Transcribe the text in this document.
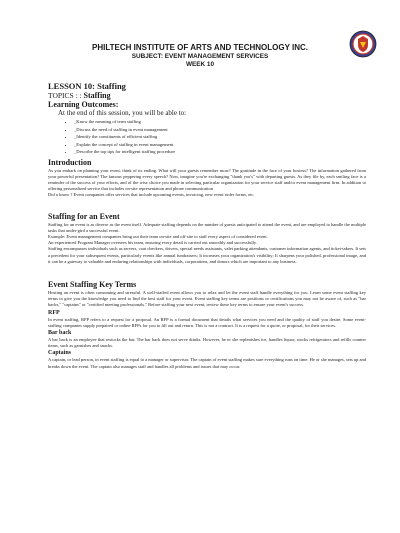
PHILTECH INSTITUTE OF ARTS AND TECHNOLOGY INC.
SUBJECT: EVENT MANAGEMENT SERVICES
WEEK 10
LESSON 10: Staffing
TOPICS : : Staffing
Learning Outcomes:
At the end of this session, you will be able to:
• _Know the meaning of term staffing
• _Discuss the need of staffing in event management
• _Identify the constituents of efficient staffing
• _Explain the concept of staffing in event management
• _Describe the top tips for intelligent staffing procedure
Introduction

As you embark on planning your event, think of its ending. What will your guests remember most? The gratitude in the face of your hostess? The information gathered from your powerful presentation? The famous peppering every speech? Now, imagine you're exchanging "thank you's" with departing guests. As they file by, each smiling face is a reminder of the success of your efforts, and of the wise choice you made in selecting particular organization for your service staff and/or event management firm. In addition to offering personalized service that includes on-site representation and phone communication

Did u know ? Event companies offer services that include upcoming events, invoicing, new event order forms, etc.

Staffing for an Event

Staffing for an event is as diverse as the event itself. Adequate staffing depends on the number of guests anticipated to attend the event, and are employed to handle the multiple tasks that under-gird a successful event.

Example: Event management companies bring out their team on-site and off-site to staff every aspect of considered event.

An experienced Program Manager oversees his team, ensuring every detail is carried out smoothly and successfully.

Staffing encompasses individuals such as servers, coat checkers, drivers, special needs assistants, valet parking attendants, customer information agents, and ticket-takers. It sets a precedent for your subsequent events, particularly events like annual fundraisers; It increases your organization's visibility; It sharpens your polished, professional image, and it can be a gateway to valuable and enduring relationships with individuals, corporations, and donors which are important to any business.

Event Staffing Key Terms

Hosting an event is often consuming and stressful. A well-staffed event allows you to relax and let the event staff handle everything for you. Learn some event staffing key terms to give you the knowledge you need to find the best staff for your event. Event staffing key terms are positions or certifications you may not be aware of, such as "bar backs," "captains" or "certified meeting professionals." Before staffing your next event, review these key terms to ensure your event's success.

RFP

In event staffing, RFP refers to a request for a proposal. An RFP is a formal document that details what services you need and the quality of staff you desire. Some event-staffing companies supply prepaired or online RFPs for you to fill out and return. This is not a contract. It is a request for a quote, or proposal, for their services.

Bar back

A bar back is an employee that restocks the bar. The bar back does not serve drinks. However, he or she replenishes ice, handles liquor, stocks refrigerators and refills counter items, such as garnishes and snacks.

Captains

A captain, or lead person, in event staffing is equal to a manager or supervisor. The captain of event staffing makes sure everything runs on time. He or she manages, sets up and breaks down the event. The captain also manages staff and handles all problems and issues that may occur.
